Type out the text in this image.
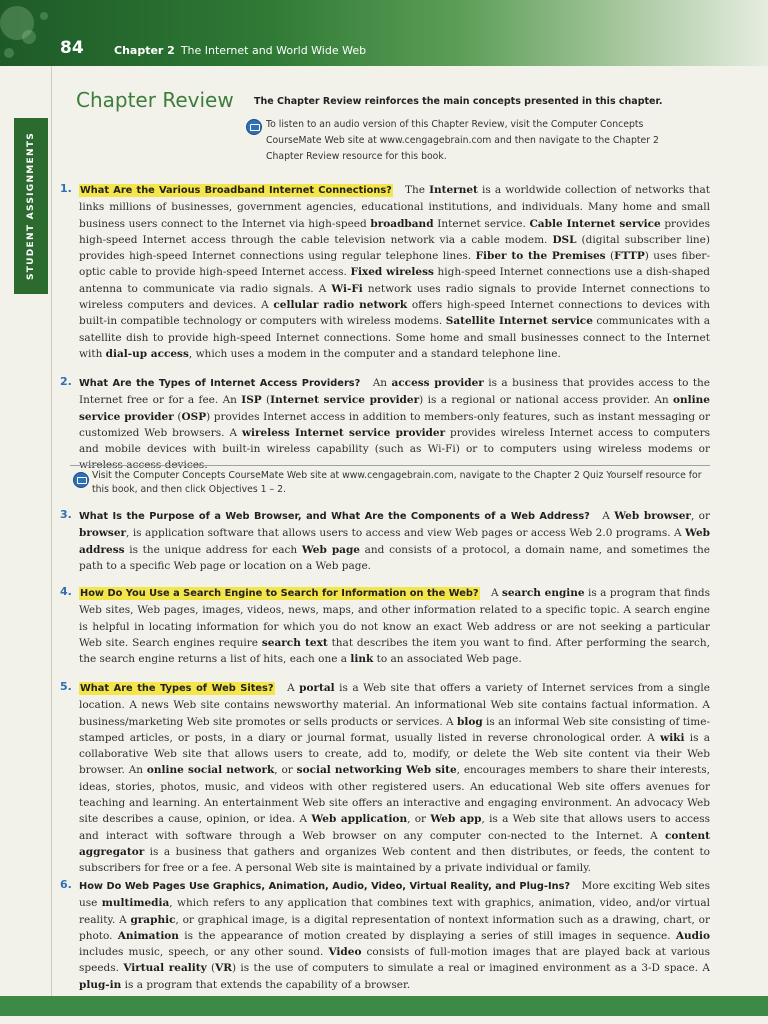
84	Chapter 2 The Internet and World Wide Web
STUDENT ASSIGNMENTS
Chapter Review The Chapter Review reinforces the main concepts presented in this chapter.
To listen to an audio version of this Chapter Review, visit the Computer Concepts CourseMate Web site at www.cengagebrain.com and then navigate to the Chapter 2 Chapter Review resource for this book.
1. What Are the Various Broadband Internet Connections? The Internet is a worldwide collection of networks that links millions of businesses, government agencies, educational institutions, and individuals. Many home and small business users connect to the Internet via high-speed broadband Internet service. Cable Internet service provides high-speed Internet access through the cable television network via a cable modem. DSL (digital subscriber line) provides high-speed Internet connections using regular telephone lines. Fiber to the Premises (FTTP) uses fiber-optic cable to provide high-speed Internet access. Fixed wireless high-speed Internet connections use a dish-shaped antenna to communicate via radio signals. A Wi-Fi network uses radio signals to provide Internet connections to wireless computers and devices. A cellular radio network offers high-speed Internet connections to devices with built-in compatible technology or computers with wireless modems. Satellite Internet service communicates with a satellite dish to provide high-speed Internet connections. Some home and small businesses connect to the Internet with dial-up access, which uses a modem in the computer and a standard telephone line.

2. What Are the Types of Internet Access Providers? An access provider is a business that provides access to the Internet free or for a fee. An ISP (Internet service provider) is a regional or national access provider. An online service provider (OSP) provides Internet access in addition to members-only features, such as instant messaging or customized Web browsers. A wireless Internet service provider provides wireless Internet access to computers and mobile devices with built-in wireless capability (such as Wi-Fi) or to computers using wireless modems or wireless access devices.

Visit the Computer Concepts CourseMate Web site at www.cengagebrain.com, navigate to the Chapter 2 Quiz Yourself resource for this book, and then click Objectives 1 – 2.
3. What Is the Purpose of a Web Browser, and What Are the Components of a Web Address? A Web browser, or browser, is application software that allows users to access and view Web pages or access Web 2.0 programs. A Web address is the unique address for each Web page and consists of a protocol, a domain name, and sometimes the path to a specific Web page or location on a Web page.

4. How Do You Use a Search Engine to Search for Information on the Web? A search engine is a program that finds Web sites, Web pages, images, videos, news, maps, and other information related to a specific topic. A search engine is helpful in locating information for which you do not know an exact Web address or are not seeking a particular Web site. Search engines require search text that describes the item you want to find. After performing the search, the search engine returns a list of hits, each one a link to an associated Web page.

5. What Are the Types of Web Sites? A portal is a Web site that offers a variety of Internet services from a single location. A news Web site contains newsworthy material. An informational Web site contains factual information. A business/marketing Web site promotes or sells products or services. A blog is an informal Web site consisting of time-stamped articles, or posts, in a diary or journal format, usually listed in reverse chronological order. A wiki is a collaborative Web site that allows users to create, add to, modify, or delete the Web site content via their Web browser. An online social network, or social networking Web site, encourages members to share their interests, ideas, stories, photos, music, and videos with other registered users. An educational Web site offers avenues for teaching and learning. An entertainment Web site offers an interactive and engaging environment. An advocacy Web site describes a cause, opinion, or idea. A Web application, or Web app, is a Web site that allows users to access and interact with software through a Web browser on any computer con-nected to the Internet. A content aggregator is a business that gathers and organizes Web content and then distributes, or feeds, the content to subscribers for free or a fee. A personal Web site is maintained by a private individual or family.

6. How Do Web Pages Use Graphics, Animation, Audio, Video, Virtual Reality, and Plug-Ins? More exciting Web sites use multimedia, which refers to any application that combines text with graphics, animation, video, and/or virtual reality. A graphic, or graphical image, is a digital representation of nontext information such as a drawing, chart, or photo. Animation is the appearance of motion created by displaying a series of still images in sequence. Audio includes music, speech, or any other sound. Video consists of full-motion images that are played back at various speeds. Virtual reality (VR) is the use of computers to simulate a real or imagined environment as a 3-D space. A plug-in is a program that extends the capability of a browser.
